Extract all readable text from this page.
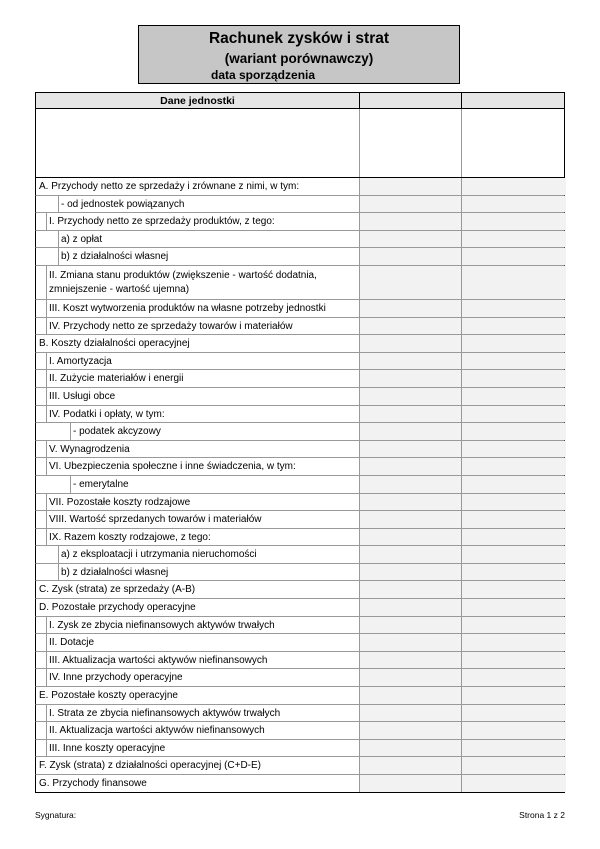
Rachunek zysków i strat
(wariant porównawczy)
data sporządzenia
Dane jednostki
A. Przychody netto ze sprzedaży i zrównane z nimi, w tym:
- od jednostek powiązanych
I. Przychody netto ze sprzedaży produktów, z tego:
a) z opłat
b) z działalności własnej
II. Zmiana stanu produktów (zwiększenie - wartość dodatnia, zmniejszenie - wartość ujemna)
III. Koszt wytworzenia produktów na własne potrzeby jednostki
IV. Przychody netto ze sprzedaży towarów i materiałów
B. Koszty działalności operacyjnej
I. Amortyzacja
II. Zużycie materiałów i energii
III. Usługi obce
IV. Podatki i opłaty, w tym:
- podatek akcyzowy
V. Wynagrodzenia
VI. Ubezpieczenia społeczne i inne świadczenia, w tym:
- emerytalne
VII. Pozostałe koszty rodzajowe
VIII. Wartość sprzedanych towarów i materiałów
IX. Razem koszty rodzajowe, z tego:
a) z eksploatacji i utrzymania nieruchomości
b) z działalności własnej
C. Zysk (strata) ze sprzedaży (A-B)
D. Pozostałe przychody operacyjne
I. Zysk ze zbycia niefinansowych aktywów trwałych
II. Dotacje
III. Aktualizacja wartości aktywów niefinansowych
IV. Inne przychody operacyjne
E. Pozostałe koszty operacyjne
I. Strata ze zbycia niefinansowych aktywów trwałych
II. Aktualizacja wartości aktywów niefinansowych
III. Inne koszty operacyjne
F. Zysk (strata) z działalności operacyjnej (C+D-E)
G. Przychody finansowe
Sygnatura:	Strona 1 z 2
